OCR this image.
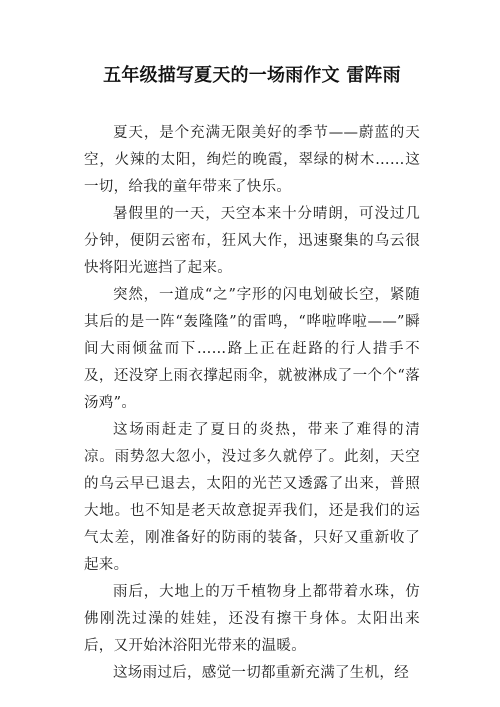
五年级描写夏天的一场雨作文 雷阵雨

夏天，是个充满无限美好的季节——蔚蓝的天空，火辣的太阳，绚烂的晚霞，翠绿的树木……这一切，给我的童年带来了快乐。

暑假里的一天，天空本来十分晴朗，可没过几分钟，便阴云密布，狂风大作，迅速聚集的乌云很快将阳光遮挡了起来。

突然，一道成“之”字形的闪电划破长空，紧随其后的是一阵“轰隆隆”的雷鸣，“哗啦哗啦——”瞬间大雨倾盆而下……路上正在赶路的行人措手不及，还没穿上雨衣撑起雨伞，就被淋成了一个个“落汤鸡”。

这场雨赶走了夏日的炎热，带来了难得的清凉。雨势忽大忽小，没过多久就停了。此刻，天空的乌云早已退去，太阳的光芒又透露了出来，普照大地。也不知是老天故意捉弄我们，还是我们的运气太差，刚准备好的防雨的装备，只好又重新收了起来。

雨后，大地上的万千植物身上都带着水珠，仿佛刚洗过澡的娃娃，还没有擦干身体。太阳出来后，又开始沐浴阳光带来的温暖。

这场雨过后，感觉一切都重新充满了生机，经
